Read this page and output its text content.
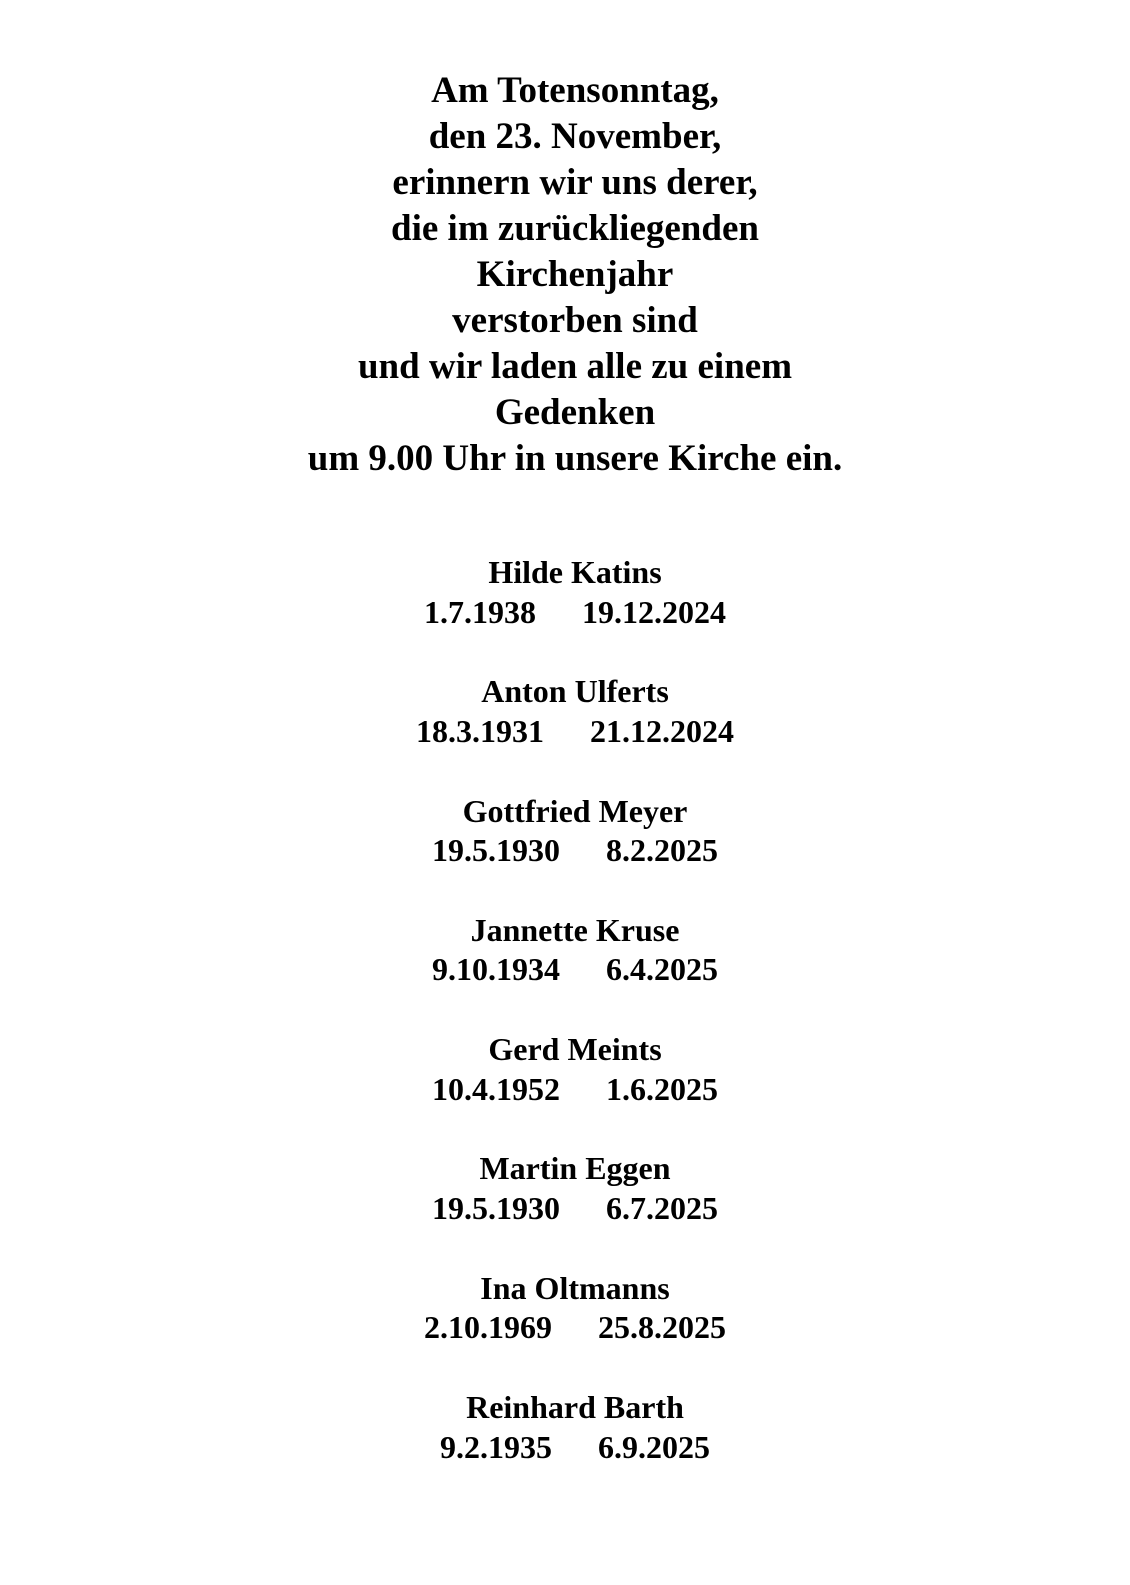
Am Totensonntag,
den 23. November,
erinnern wir uns derer,
die im zurückliegenden
Kirchenjahr
verstorben sind
und wir laden alle zu einem
Gedenken
um 9.00 Uhr in unsere Kirche ein.
Hilde Katins
1.7.1938 19.12.2024
Anton Ulferts
18.3.1931 21.12.2024
Gottfried Meyer
19.5.1930 8.2.2025
Jannette Kruse
9.10.1934 6.4.2025
Gerd Meints
10.4.1952 1.6.2025
Martin Eggen
19.5.1930 6.7.2025
Ina Oltmanns
2.10.1969 25.8.2025
Reinhard Barth
9.2.1935 6.9.2025
